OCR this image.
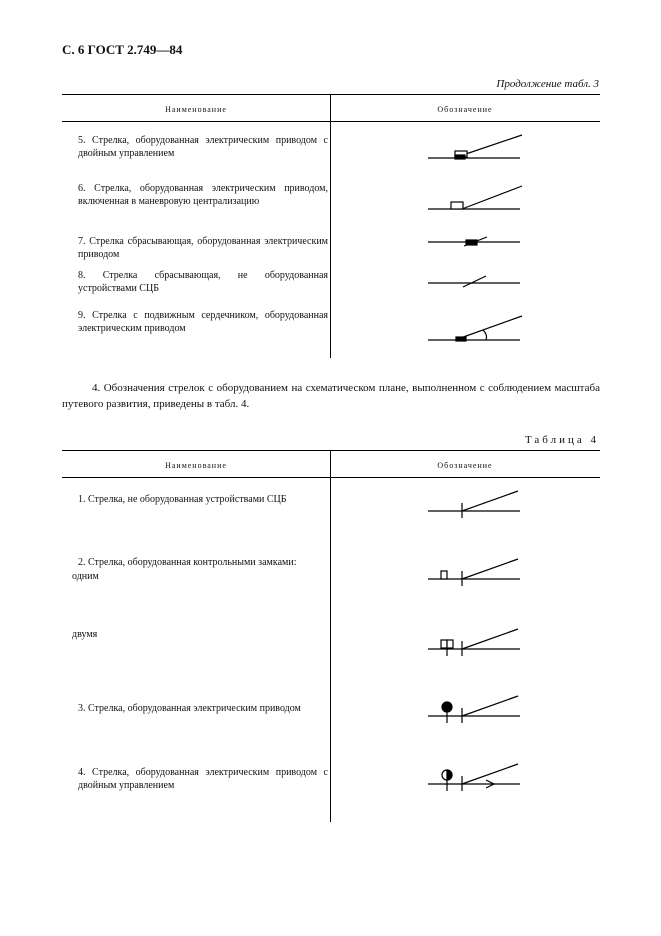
С. 6 ГОСТ 2.749—84
Продолжение табл. 3
Наименование	Обозначение
5. Стрелка, оборудованная электрическим приводом с двойным управлением
6. Стрелка, оборудованная электрическим приводом, включенная в маневровую централизацию
7. Стрелка сбрасывающая, оборудованная электрическим приводом
8. Стрелка сбрасывающая, не оборудованная устройствами СЦБ
9. Стрелка с подвижным сердечником, оборудованная электрическим приводом
4. Обозначения стрелок с оборудованием на схематическом плане, выполненном с соблюдением масштаба путевого развития, приведены в табл. 4.
Таблица 4
Наименование	Обозначение
1. Стрелка, не оборудованная устройствами СЦБ
2. Стрелка, оборудованная контрольными замками:
одним
двумя
3. Стрелка, оборудованная электрическим приводом
4. Стрелка, оборудованная электрическим приводом с двойным управлением
